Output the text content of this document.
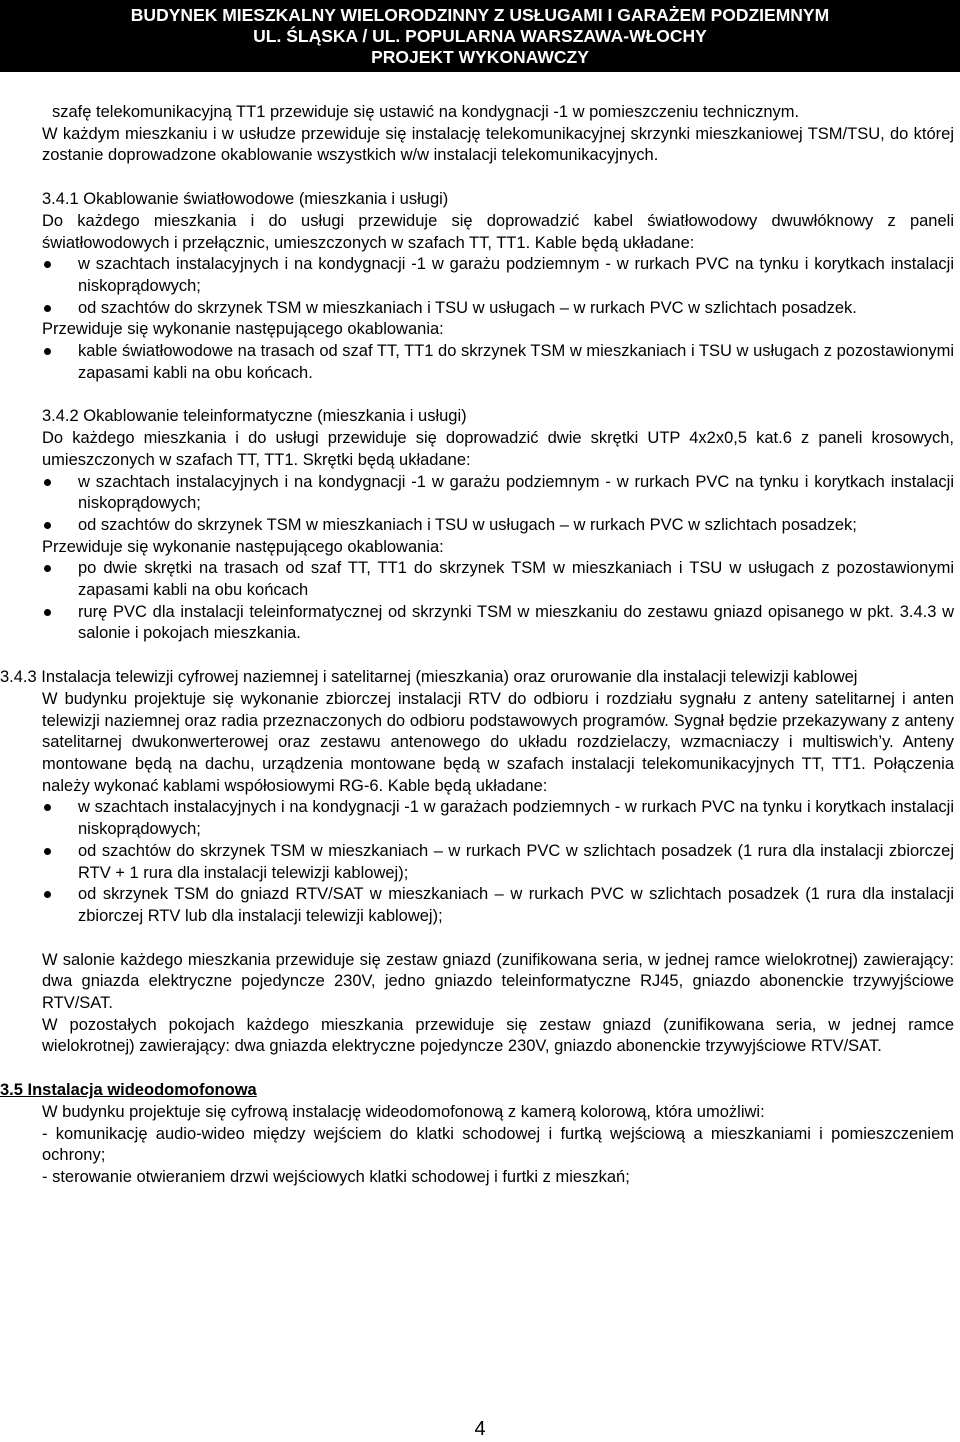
BUDYNEK MIESZKALNY WIELORODZINNY Z USŁUGAMI I GARAŻEM PODZIEMNYM
UL. ŚLĄSKA / UL. POPULARNA WARSZAWA-WŁOCHY
PROJEKT WYKONAWCZY

szafę telekomunikacyjną TT1 przewiduje się ustawić na kondygnacji -1 w pomieszczeniu technicznym.

W każdym mieszkaniu i w usłudze przewiduje się instalację telekomunikacyjnej skrzynki mieszkaniowej TSM/TSU, do której zostanie doprowadzone okablowanie wszystkich w/w instalacji telekomunikacyjnych.

3.4.1 Okablowanie światłowodowe (mieszkania i usługi)

Do każdego mieszkania i do usługi przewiduje się doprowadzić kabel światłowodowy dwuwłóknowy z paneli światłowodowych i przełącznic, umieszczonych w szafach TT, TT1. Kable będą układane:

w szachtach instalacyjnych i na kondygnacji -1 w garażu podziemnym - w rurkach PVC na tynku i korytkach instalacji niskoprądowych;
od szachtów do skrzynek TSM w mieszkaniach i TSU w usługach – w rurkach PVC w szlichtach posadzek.

Przewiduje się wykonanie następującego okablowania:

kable światłowodowe na trasach od szaf TT, TT1 do skrzynek TSM w mieszkaniach i TSU w usługach z pozostawionymi zapasami kabli na obu końcach.

3.4.2 Okablowanie teleinformatyczne (mieszkania i usługi)

Do każdego mieszkania i do usługi przewiduje się doprowadzić dwie skrętki UTP 4x2x0,5 kat.6 z paneli krosowych, umieszczonych w szafach TT, TT1. Skrętki będą układane:

w szachtach instalacyjnych i na kondygnacji -1 w garażu podziemnym - w rurkach PVC na tynku i korytkach instalacji niskoprądowych;
od szachtów do skrzynek TSM w mieszkaniach i TSU w usługach – w rurkach PVC w szlichtach posadzek;

Przewiduje się wykonanie następującego okablowania:

po dwie skrętki na trasach od szaf TT, TT1 do skrzynek TSM w mieszkaniach i TSU w usługach z pozostawionymi zapasami kabli na obu końcach
rurę PVC dla instalacji teleinformatycznej od skrzynki TSM w mieszkaniu do zestawu gniazd opisanego w pkt. 3.4.3 w salonie i pokojach mieszkania.

3.4.3 Instalacja telewizji cyfrowej naziemnej i satelitarnej (mieszkania) oraz orurowanie dla instalacji telewizji kablowej

W budynku projektuje się wykonanie zbiorczej instalacji RTV do odbioru i rozdziału sygnału z anteny satelitarnej i anten telewizji naziemnej oraz radia przeznaczonych do odbioru podstawowych programów. Sygnał będzie przekazywany z anteny satelitarnej dwukonwerterowej oraz zestawu antenowego do układu rozdzielaczy, wzmacniaczy i multiswich’y. Anteny montowane będą na dachu, urządzenia montowane będą w szafach instalacji telekomunikacyjnych TT, TT1. Połączenia należy wykonać kablami współosiowymi RG-6. Kable będą układane:

w szachtach instalacyjnych i na kondygnacji -1 w garażach podziemnych - w rurkach PVC na tynku i korytkach instalacji niskoprądowych;
od szachtów do skrzynek TSM w mieszkaniach – w rurkach PVC w szlichtach posadzek (1 rura dla instalacji zbiorczej RTV + 1 rura dla instalacji telewizji kablowej);
od skrzynek TSM do gniazd RTV/SAT w mieszkaniach – w rurkach PVC w szlichtach posadzek (1 rura dla instalacji zbiorczej RTV lub dla instalacji telewizji kablowej);

W salonie każdego mieszkania przewiduje się zestaw gniazd (zunifikowana seria, w jednej ramce wielokrotnej) zawierający: dwa gniazda elektryczne pojedyncze 230V, jedno gniazdo teleinformatyczne RJ45, gniazdo abonenckie trzywyjściowe RTV/SAT.

W pozostałych pokojach każdego mieszkania przewiduje się zestaw gniazd (zunifikowana seria, w jednej ramce wielokrotnej) zawierający: dwa gniazda elektryczne pojedyncze 230V, gniazdo abonenckie trzywyjściowe RTV/SAT.

3.5 Instalacja wideodomofonowa

W budynku projektuje się cyfrową instalację wideodomofonową z kamerą kolorową, która umożliwi:

- komunikację audio-wideo między wejściem do klatki schodowej i furtką wejściową a mieszkaniami i pomieszczeniem ochrony;

- sterowanie otwieraniem drzwi wejściowych klatki schodowej i furtki z mieszkań;

4
